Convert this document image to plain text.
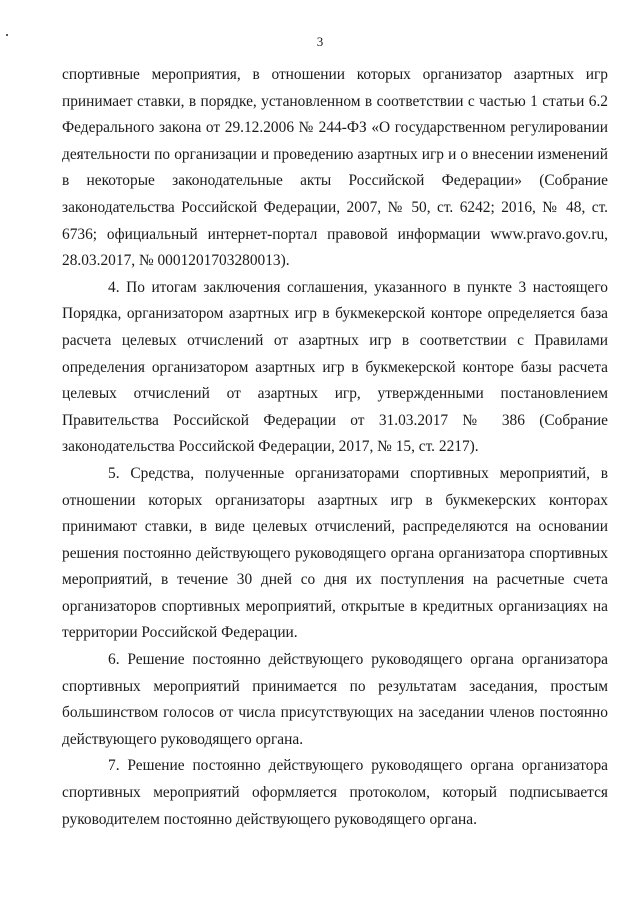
3

спортивные мероприятия, в отношении которых организатор азартных игр принимает ставки, в порядке, установленном в соответствии с частью 1 статьи 6.2 Федерального закона от 29.12.2006 № 244-ФЗ «О государственном регулировании деятельности по организации и проведению азартных игр и о внесении изменений в некоторые законодательные акты Российской Федерации» (Собрание законодательства Российской Федерации, 2007, № 50, ст. 6242; 2016, № 48, ст. 6736; официальный интернет-портал правовой информации www.pravo.gov.ru, 28.03.2017, № 0001201703280013).

4. По итогам заключения соглашения, указанного в пункте 3 настоящего Порядка, организатором азартных игр в букмекерской конторе определяется база расчета целевых отчислений от азартных игр в соответствии с Правилами определения организатором азартных игр в букмекерской конторе базы расчета целевых отчислений от азартных игр, утвержденными постановлением Правительства Российской Федерации от 31.03.2017 № 386 (Собрание законодательства Российской Федерации, 2017, № 15, ст. 2217).

5. Средства, полученные организаторами спортивных мероприятий, в отношении которых организаторы азартных игр в букмекерских конторах принимают ставки, в виде целевых отчислений, распределяются на основании решения постоянно действующего руководящего органа организатора спортивных мероприятий, в течение 30 дней со дня их поступления на расчетные счета организаторов спортивных мероприятий, открытые в кредитных организациях на территории Российской Федерации.

6. Решение постоянно действующего руководящего органа организатора спортивных мероприятий принимается по результатам заседания, простым большинством голосов от числа присутствующих на заседании членов постоянно действующего руководящего органа.

7. Решение постоянно действующего руководящего органа организатора спортивных мероприятий оформляется протоколом, который подписывается руководителем постоянно действующего руководящего органа.
